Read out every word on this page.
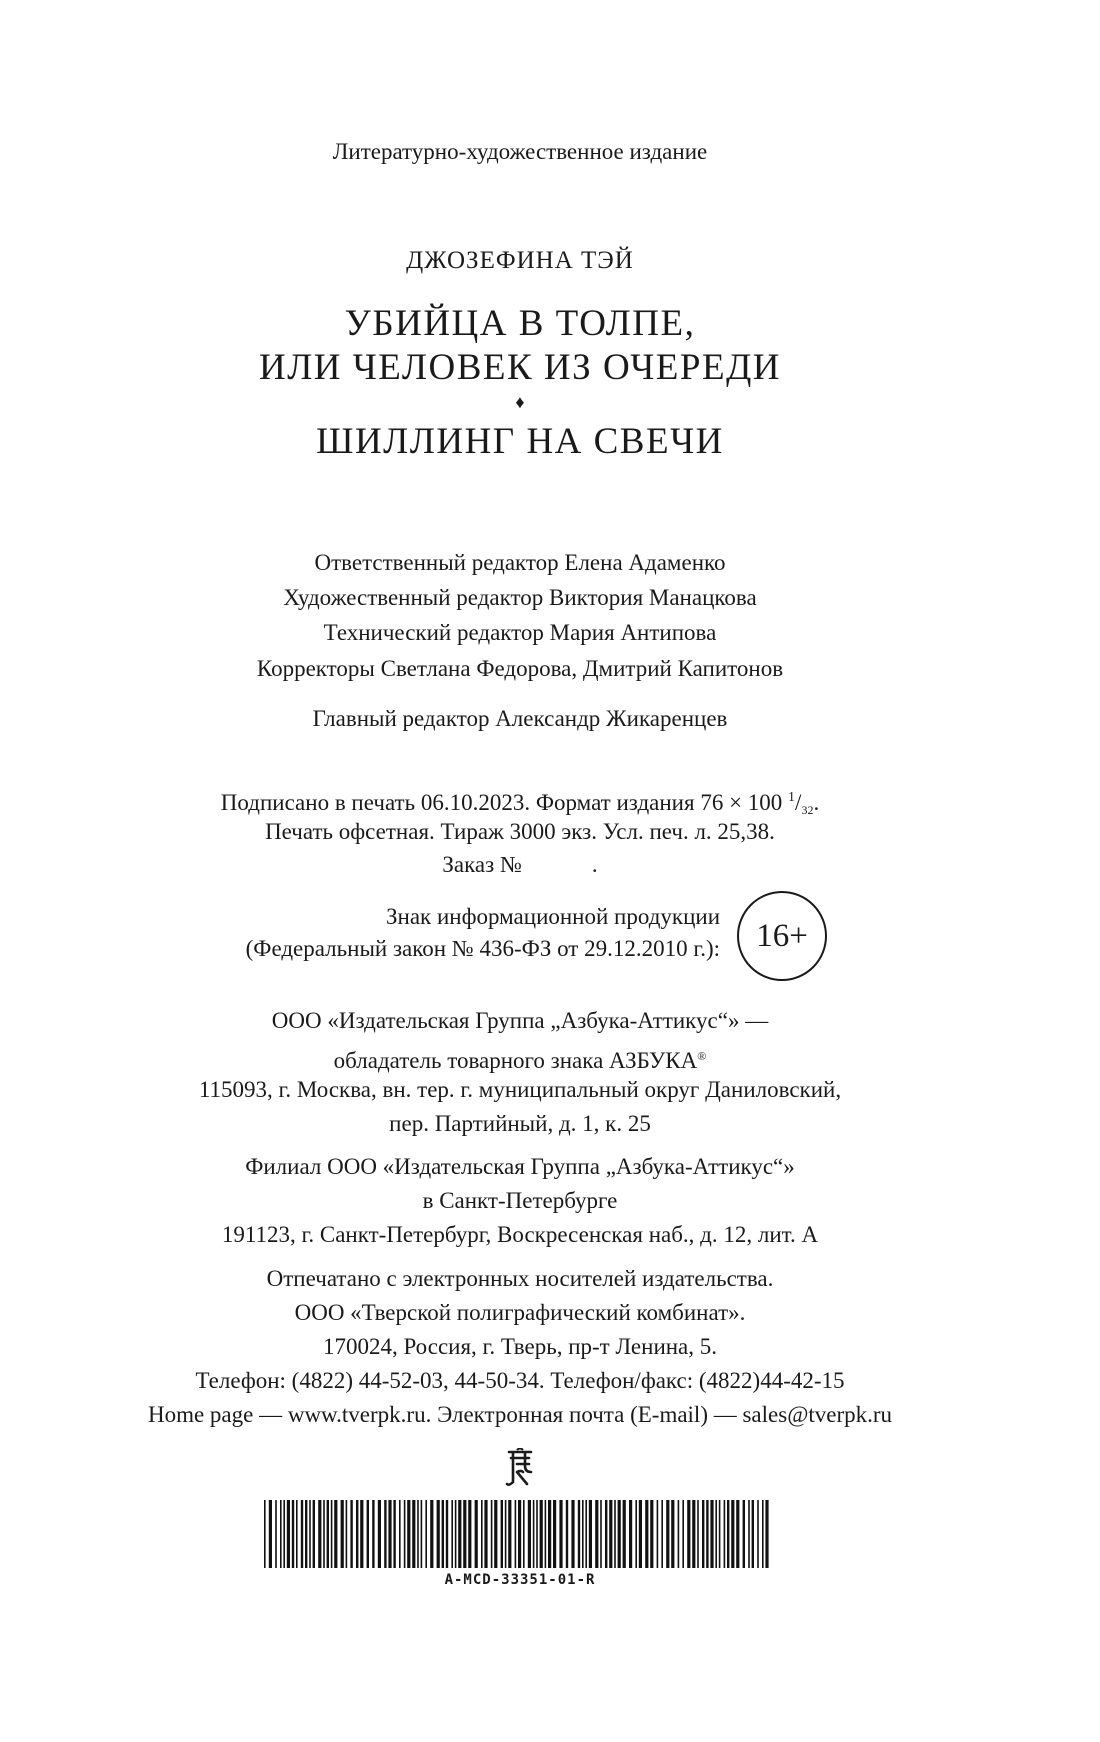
Литературно-художественное издание
ДЖОЗЕФИНА ТЭЙ
УБИЙЦА В ТОЛПЕ,
ИЛИ ЧЕЛОВЕК ИЗ ОЧЕРЕДИ
♦
ШИЛЛИНГ НА СВЕЧИ
Ответственный редактор Елена Адаменко
Художественный редактор Виктория Манацкова
Технический редактор Мария Антипова
Корректоры Светлана Федорова, Дмитрий Капитонов
Главный редактор Александр Жикаренцев
Подписано в печать 06.10.2023. Формат издания 76 × 100 $^1/_{32}$.
Печать офсетная. Тираж 3000 экз. Усл. печ. л. 25,38.
Заказ №	.
Знак информационной продукции
(Федеральный закон № 436-ФЗ от 29.12.2010 г.):	16+
ООО «Издательская Группа „Азбука-Аттикус“» —
обладатель товарного знака АЗБУКА®
115093, г. Москва, вн. тер. г. муниципальный округ Даниловский,
пер. Партийный, д. 1, к. 25
Филиал ООО «Издательская Группа „Азбука-Аттикус“»
в Санкт-Петербурге
191123, г. Санкт-Петербург, Воскресенская наб., д. 12, лит. А
Отпечатано с электронных носителей издательства.
ООО «Тверской полиграфический комбинат».
170024, Россия, г. Тверь, пр-т Ленина, 5.
Телефон: (4822) 44-52-03, 44-50-34. Телефон/факс: (4822)44-42-15
Home page — www.tverpk.ru. Электронная почта (E-mail) — sales@tverpk.ru
A-MCD-33351-01-R
